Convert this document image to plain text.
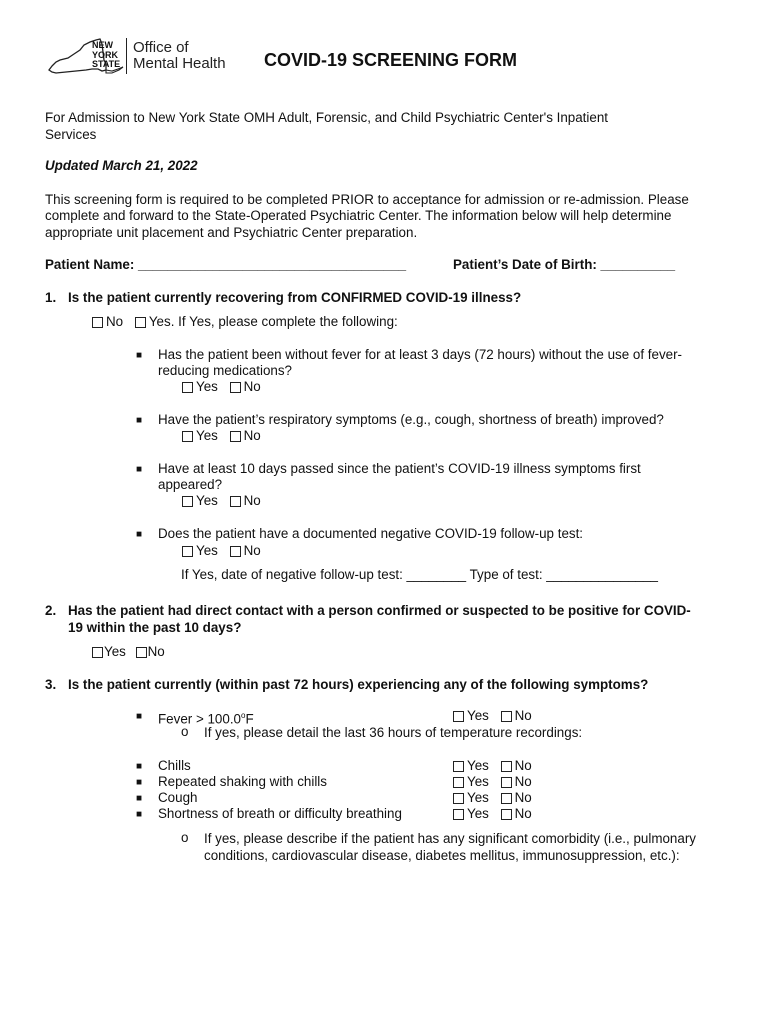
NEW
YORK
STATE
Office of
Mental Health COVID-19 SCREENING FORM
For Admission to New York State OMH Adult, Forensic, and Child Psychiatric Center's Inpatient
Services
Updated March 21, 2022
This screening form is required to be completed PRIOR to acceptance for admission or re-admission. Please
complete and forward to the State-Operated Psychiatric Center. The information below will help determine
appropriate unit placement and Psychiatric Center preparation.
Patient Name: ____________________________________	Patient’s Date of Birth: __________
1. Is the patient currently recovering from CONFIRMED COVID-19 illness?
No Yes. If Yes, please complete the following:
■ Has the patient been without fever for at least 3 days (72 hours) without the use of fever-
reducing medications?
Yes No
■ Have the patient’s respiratory symptoms (e.g., cough, shortness of breath) improved?
Yes No
■ Have at least 10 days passed since the patient’s COVID-19 illness symptoms first
appeared?
Yes No
■ Does the patient have a documented negative COVID-19 follow-up test:
Yes No
If Yes, date of negative follow-up test: ________ Type of test: _______________
2. Has the patient had direct contact with a person confirmed or suspected to be positive for COVID-
19 within the past 10 days?
Yes No
3. Is the patient currently (within past 72 hours) experiencing any of the following symptoms?
■ Fever > $100.0^oF$	Yes No
o If yes, please detail the last 36 hours of temperature recordings:
■ Chills	Yes No
■ Repeated shaking with chills	Yes No
■ Cough	Yes No
■ Shortness of breath or difficulty breathing	Yes No
o If yes, please describe if the patient has any significant comorbidity (i.e., pulmonary
conditions, cardiovascular disease, diabetes mellitus, immunosuppression, etc.):
